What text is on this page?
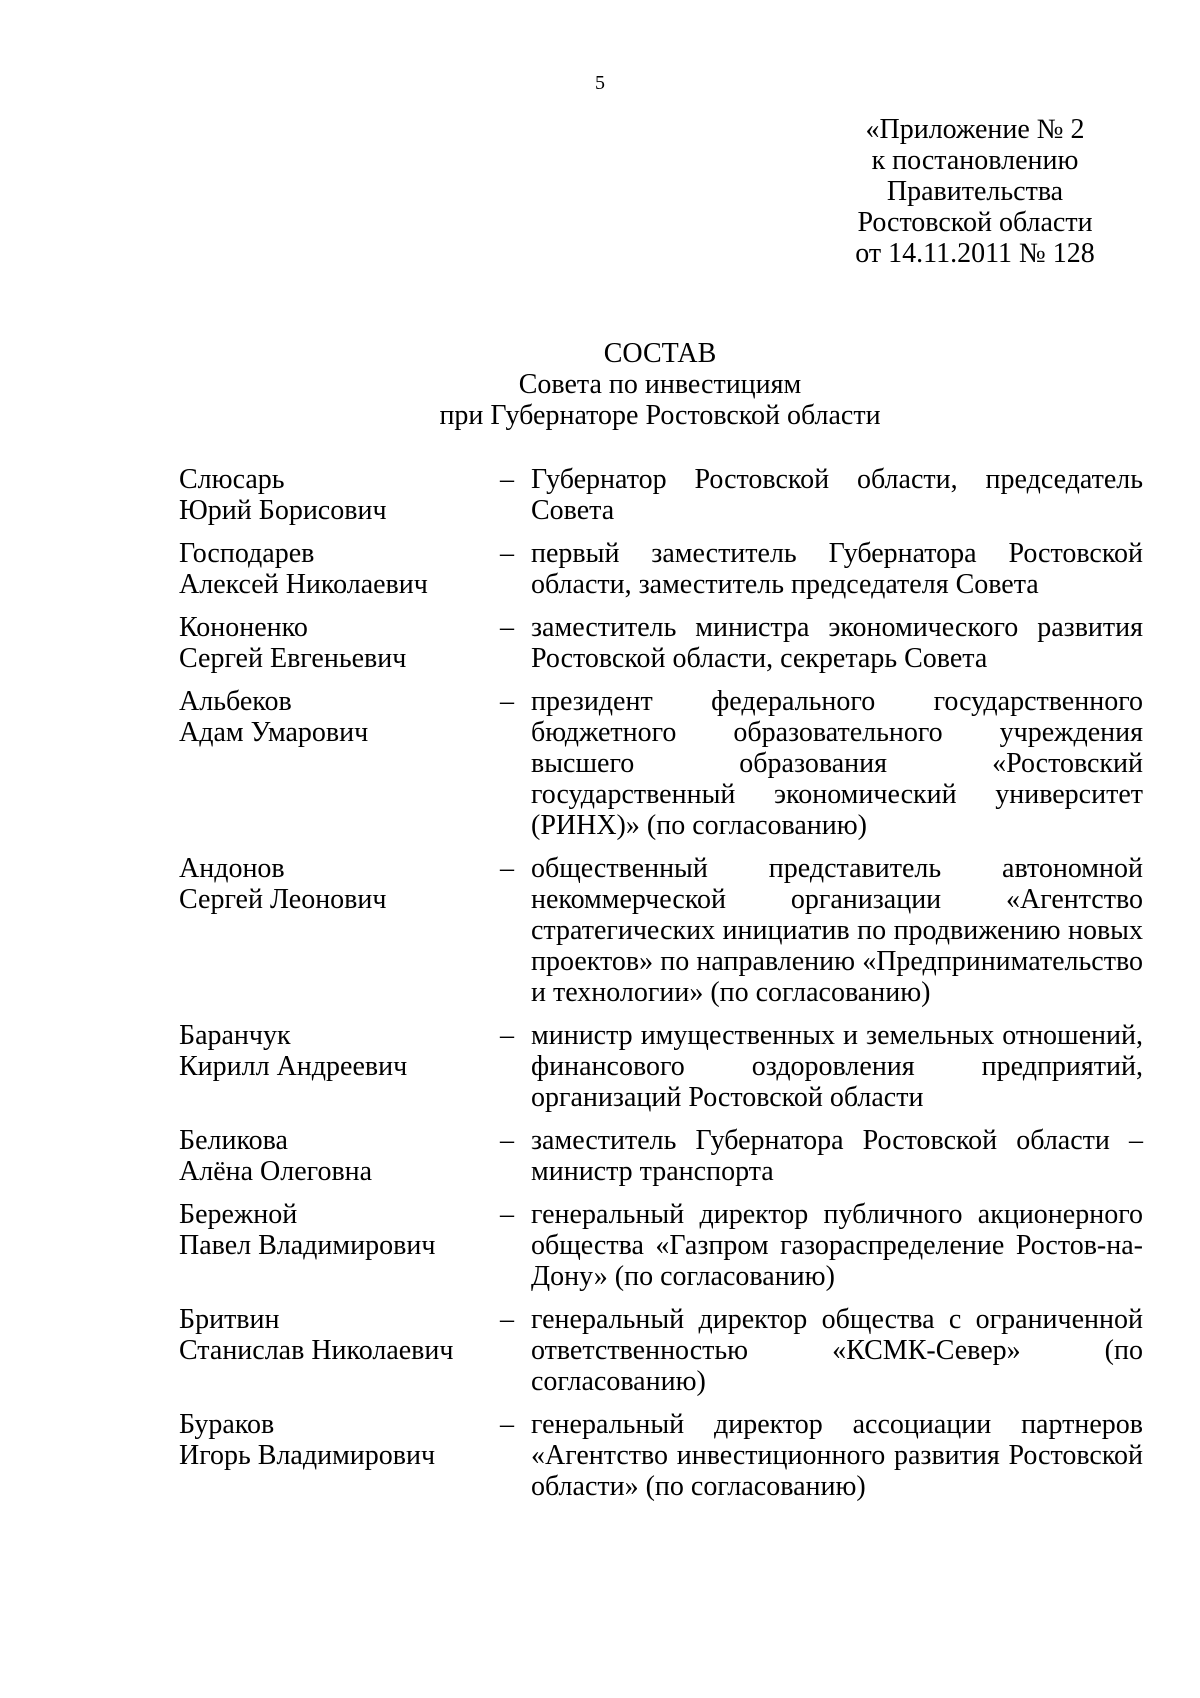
5
«Приложение № 2
к постановлению
Правительства
Ростовской области
от 14.11.2011 № 128
СОСТАВ
Совета по инвестициям
при Губернаторе Ростовской области
Слюсарь
Юрий Борисович
– Губернатор Ростовской области, председатель Совета
Господарев
Алексей Николаевич
– первый заместитель Губернатора Ростовской области, заместитель председателя Совета
Кононенко
Сергей Евгеньевич
– заместитель министра экономического развития Ростовской области, секретарь Совета
Альбеков
Адам Умарович
– президент федерального государственного бюджетного образовательного учреждения высшего образования «Ростовский государственный экономический университет (РИНХ)» (по согласованию)
Андонов
Сергей Леонович
– общественный представитель автономной некоммерческой организации «Агентство стратегических инициатив по продвижению новых проектов» по направлению «Предпринимательство и технологии» (по согласованию)
Баранчук
Кирилл Андреевич
– министр имущественных и земельных отношений, финансового оздоровления предприятий, организаций Ростовской области
Беликова
Алёна Олеговна
– заместитель Губернатора Ростовской области – министр транспорта
Бережной
Павел Владимирович
– генеральный директор публичного акционерного общества «Газпром газораспределение Ростов-на-Дону» (по согласованию)
Бритвин
Станислав Николаевич
– генеральный директор общества с ограниченной ответственностью «КСМК-Север» (по согласованию)
Бураков
Игорь Владимирович
– генеральный директор ассоциации партнеров «Агентство инвестиционного развития Ростовской области» (по согласованию)
